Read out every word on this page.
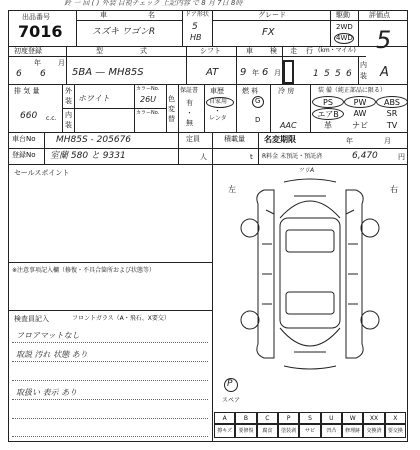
鈴 一 回 ( ) 外装 目視チェック 上記内容 で 8 月 7日 8時
出品番号
7016
車	名
スズキ ワゴンR
ドア形状
5
HB
グレード
FX
駆動
2WD
4WD
評価点
5
初度登録
年 月
6 6
型	式
5BA — MH85S
シフト
AT
車 検
9 年 6 月
走 行 (km・マイル)
1 5 5 6
内
装 A
排 気 量
660 c.c.
外
装 ホワイト
カラーNo.
26U
内
装
カラーNo.
色
変
替
保証書
有
・
無
車歴
自家用
・
レンタ
燃 料
G
D
冷 房
AAC
装 備（純正部品に限る）
PS	PW	ABS
エアB	AW	SR
革	ナビ	TV
車台No MH85S - 205676
登録No 室蘭 580 と 9331
定員
人
積載量
t
名変期限	年	月
R料金 未預託・預託済	6,470	円
セールスポイント
※注意事項記入欄（修復・不具合箇所および状態等）
検査員記入	フロントガラス（A・飛石、X要交）
フロアマットなし
取説 汚れ 状態 あり
取扱い 表示 あり
左	右
ツリA
P
スペア
A
擦キズ
B
要修復
C
腐食
P
塗装剥
S
サビ
U
凹凸
W
修理跡
XX
交換済
X
要交換
